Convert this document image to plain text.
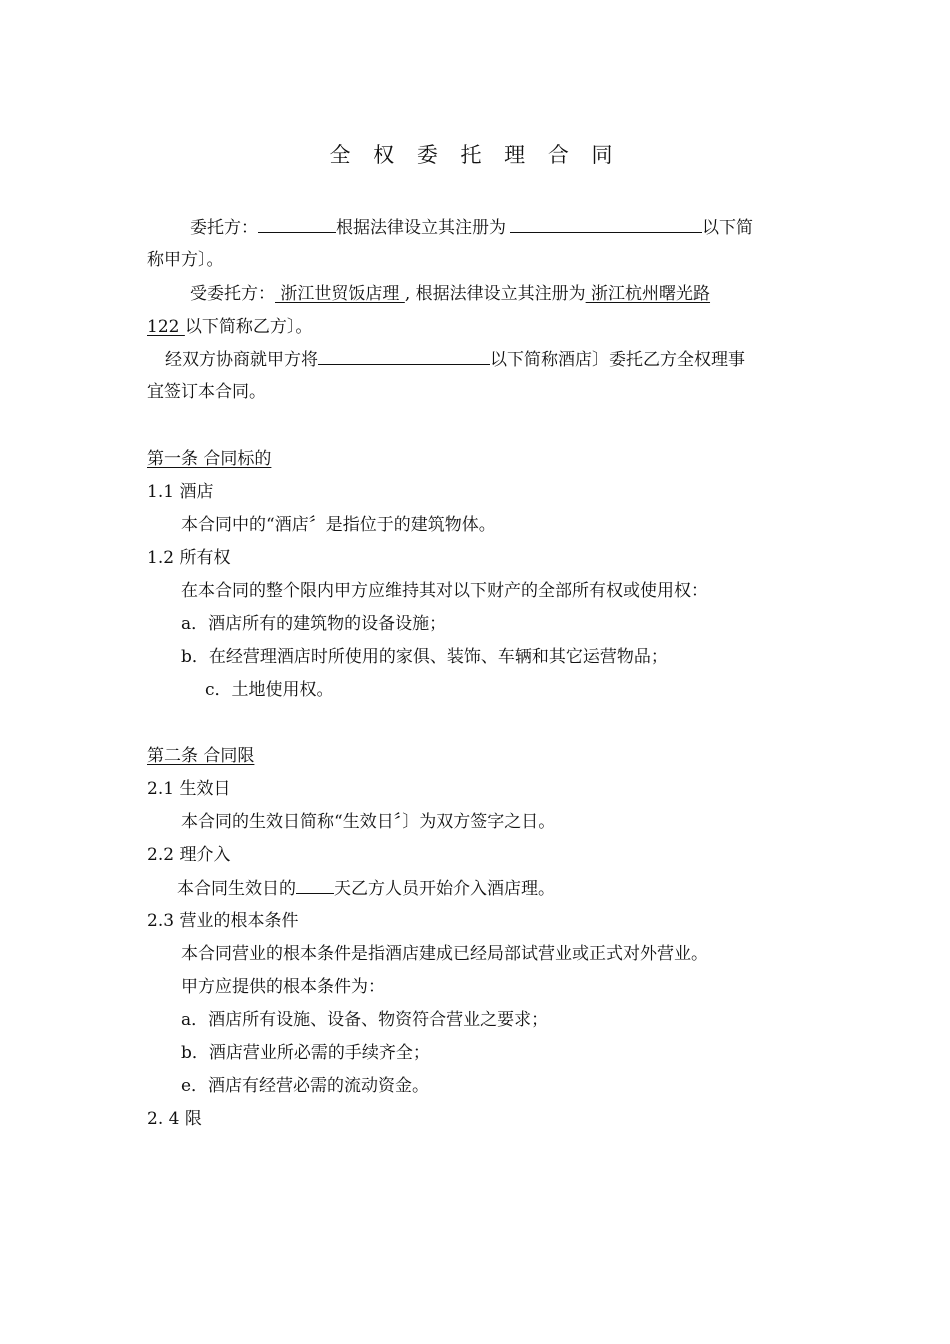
全 权 委 托 理 合 同
委托方：	根据法律设立其注册为	以下简
称甲方〕。
受委托方： 浙江世贸饭店理 , 根据法律设立其注册为 浙江杭州曙光路
122 以下简称乙方〕。
经双方协商就甲方将	以下简称酒店〕委托乙方全权理事
宜签订本合同。
第一条 合同标的
1.1 酒店
本合同中的“酒店〞是指位于的建筑物体。
1.2 所有权
在本合同的整个限内甲方应维持其对以下财产的全部所有权或使用权：
a．酒店所有的建筑物的设备设施；
b．在经营理酒店时所使用的家俱、装饰、车辆和其它运营物品；
c．土地使用权。
第二条 合同限
2.1 生效日
本合同的生效日简称“生效日〞〕为双方签字之日。
2.2 理介入
本合同生效日的 天乙方人员开始介入酒店理。
2.3 营业的根本条件
本合同营业的根本条件是指酒店建成已经局部试营业或正式对外营业。
甲方应提供的根本条件为：
a．酒店所有设施、设备、物资符合营业之要求；
b．酒店营业所必需的手续齐全；
e．酒店有经营必需的流动资金。
2. 4 限
